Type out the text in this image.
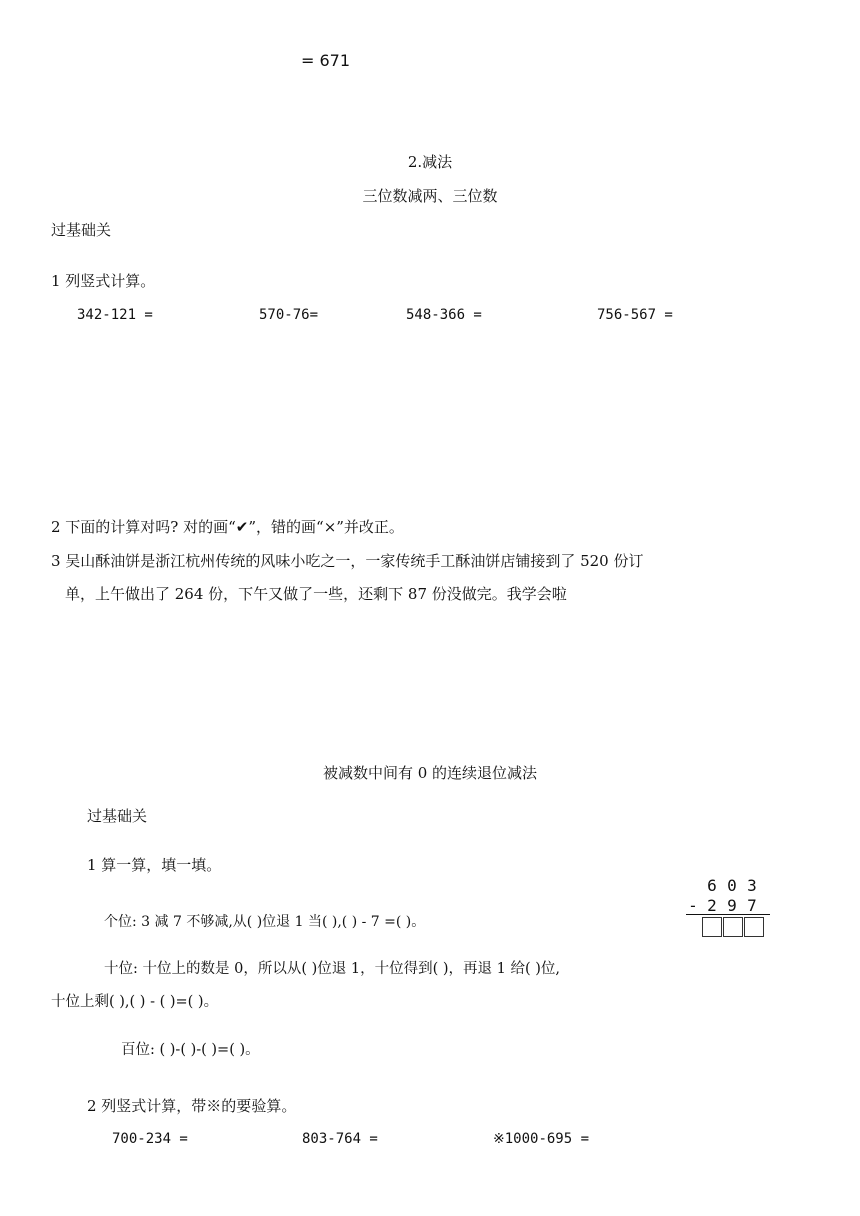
= 671
2.减法
三位数减两、三位数
过基础关
1 列竖式计算。
342-121 =	570-76=	548-366 =	756-567 =
2 下面的计算对吗? 对的画“✔”，错的画“×”并改正。
3 吴山酥油饼是浙江杭州传统的风味小吃之一，一家传统手工酥油饼店铺接到了 520 份订
单，上午做出了 264 份，下午又做了一些，还剩下 87 份没做完。我学会啦
被减数中间有 0 的连续退位减法
过基础关
1 算一算，填一填。
6 0 3
- 2 9 7
个位: 3 减 7 不够减,从( )位退 1 当( ),( ) - 7 =( )。
十位: 十位上的数是 0，所以从( )位退 1，十位得到( )，再退 1 给( )位,
十位上剩( ),( ) - ( )=( )。
百位: ( )-( )-( )=( )。
2 列竖式计算，带※的要验算。
700-234 =	803-764 =	※1000-695 =
